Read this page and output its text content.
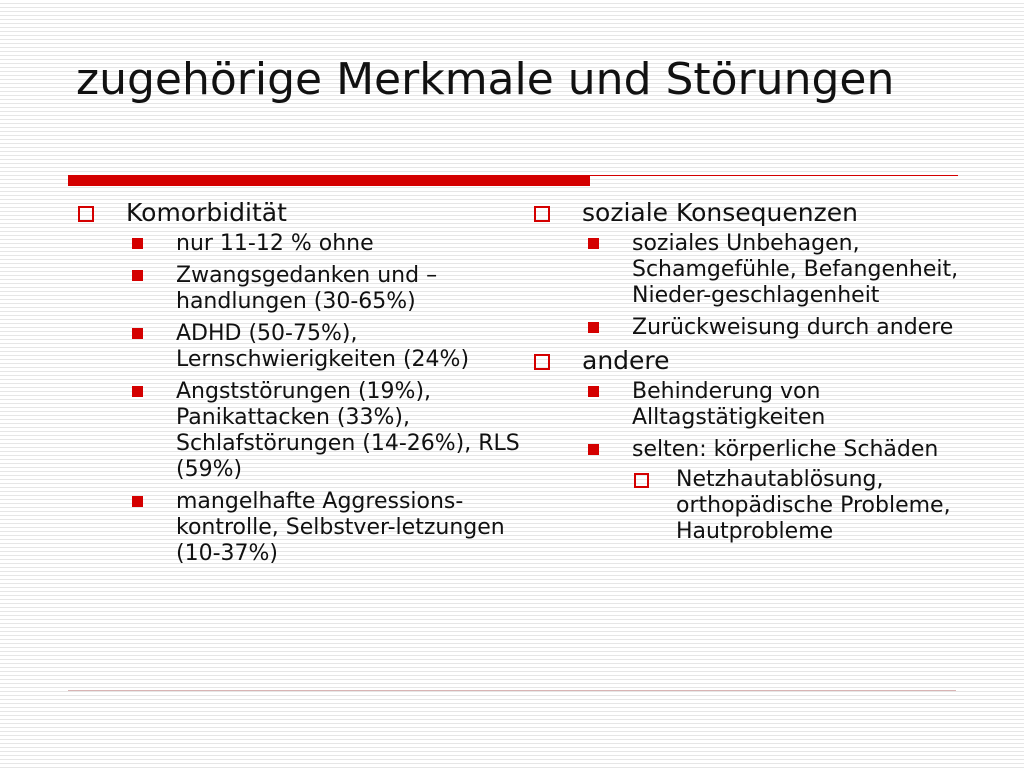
zugehörige Merkmale und Störungen
Komorbidität
nur 11-12 % ohne
Zwangsgedanken und –handlungen (30-65%)
ADHD (50-75%), Lernschwierigkeiten (24%)
Angststörungen (19%), Panikattacken (33%), Schlafstörungen (14-26%), RLS (59%)
mangelhafte Aggressions-kontrolle, Selbstver-letzungen (10-37%)
soziale Konsequenzen
soziales Unbehagen, Schamgefühle, Befangenheit, Nieder-geschlagenheit
Zurückweisung durch andere
andere
Behinderung von Alltagstätigkeiten
selten: körperliche Schäden
Netzhautablösung, orthopädische Probleme, Hautprobleme
